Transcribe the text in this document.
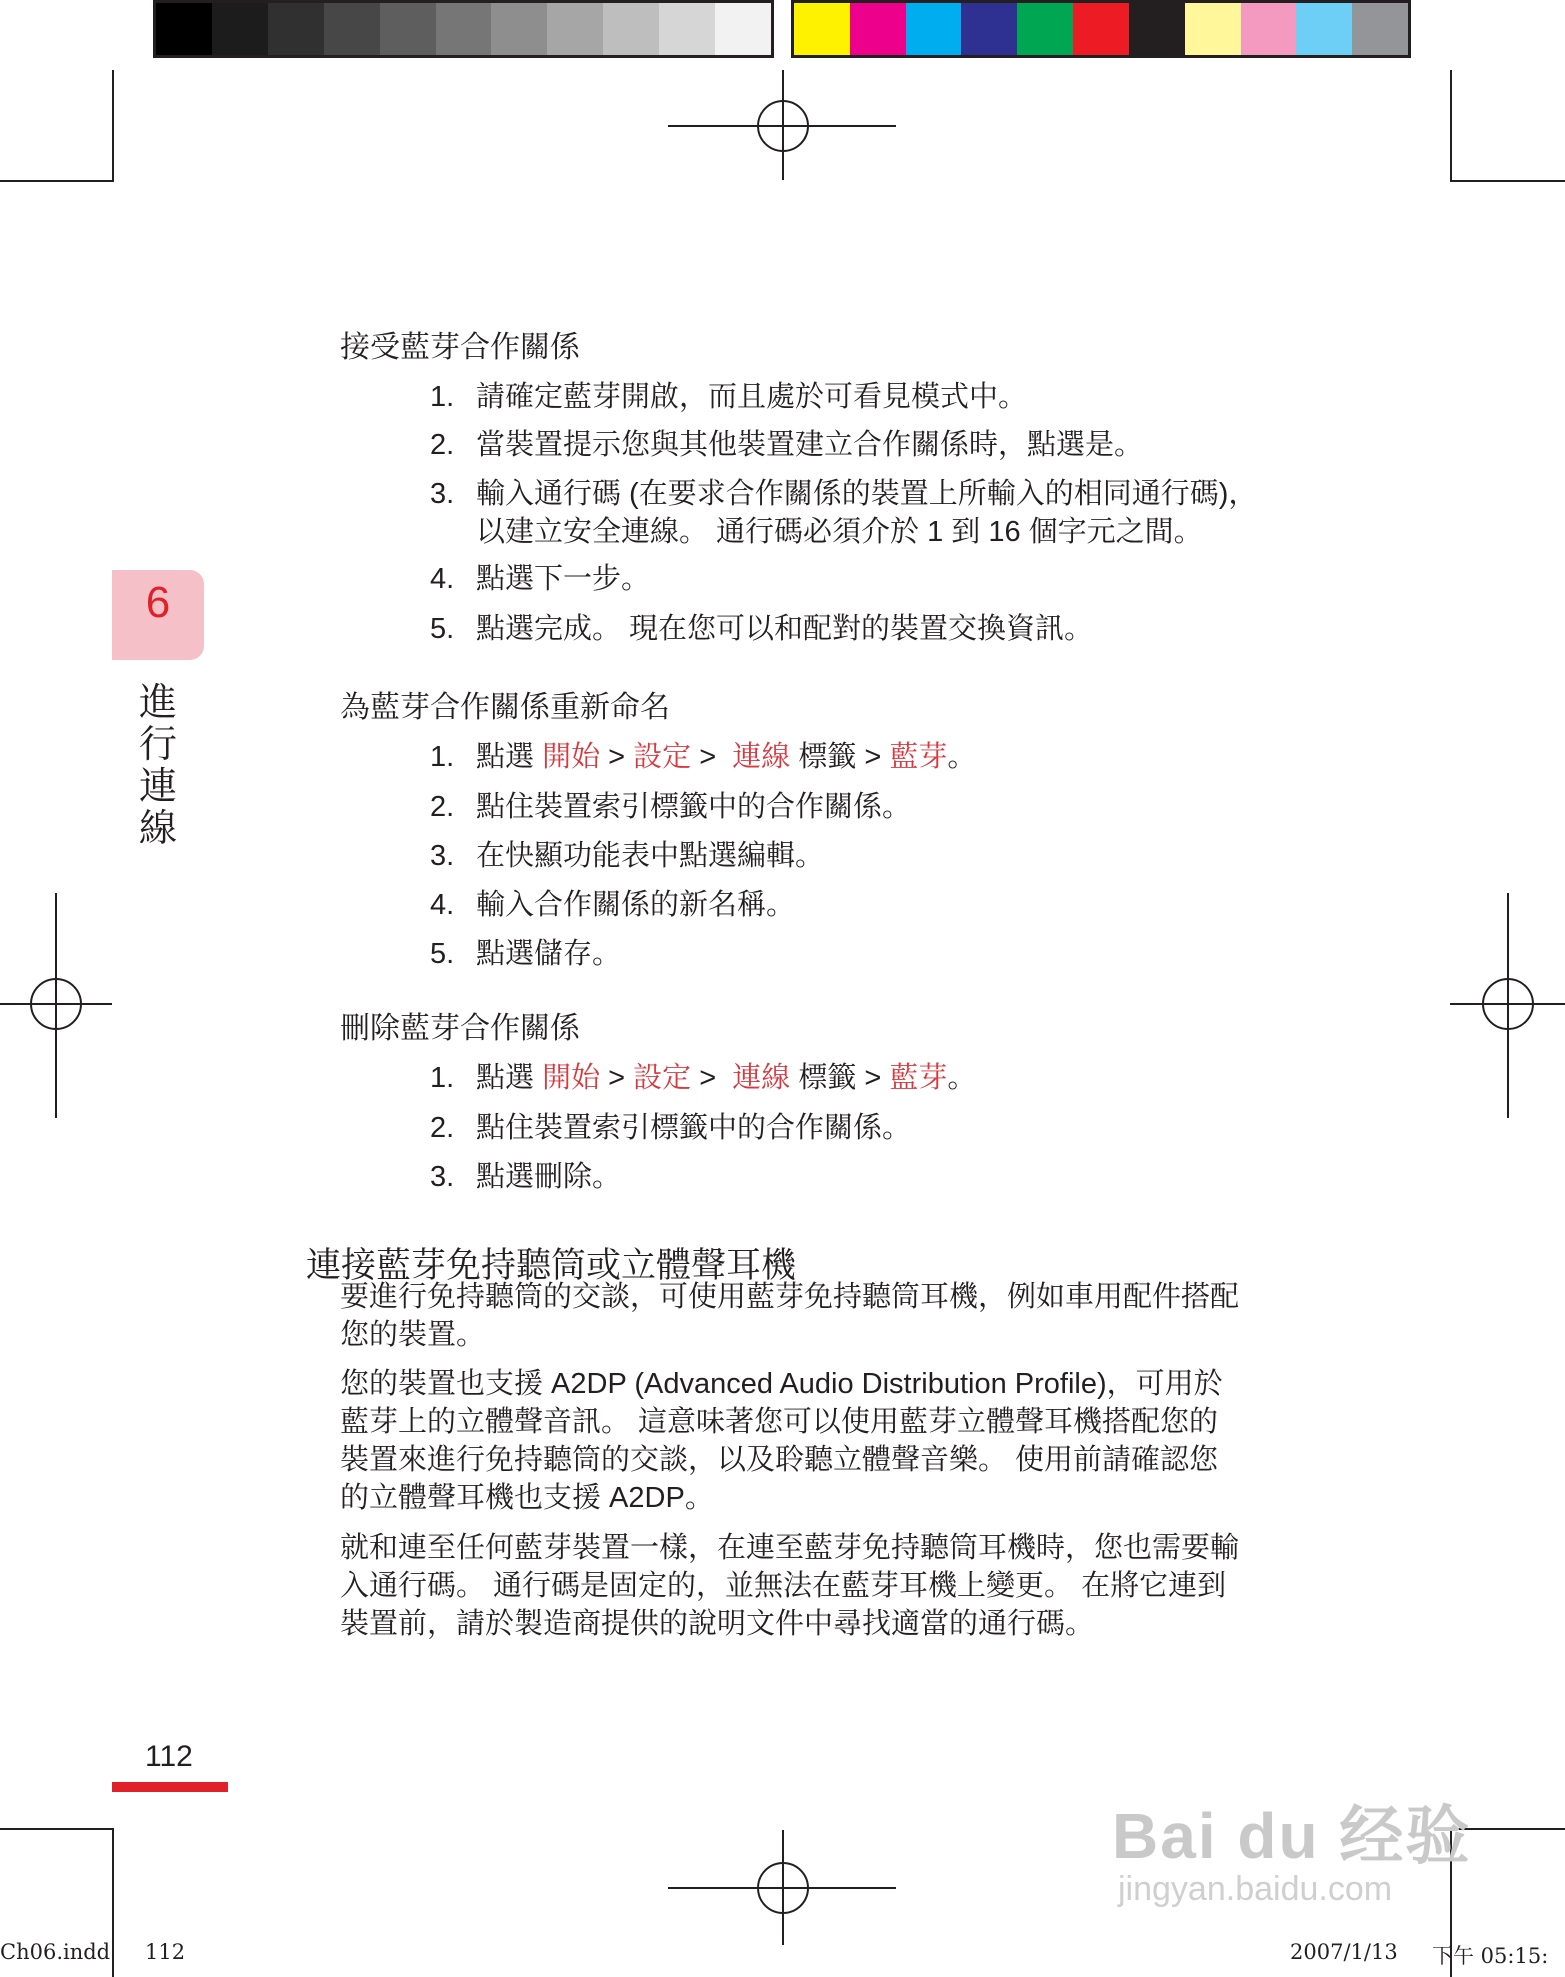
6
進
行
連
線
接受藍芽合作關係
1. 請確定藍芽開啟，而且處於可看見模式中。
2. 當裝置提示您與其他裝置建立合作關係時，點選是。
3. 輸入通行碼 (在要求合作關係的裝置上所輸入的相同通行碼)，
以建立安全連線。 通行碼必須介於 1 到 16 個字元之間。
4. 點選下一步。
5. 點選完成。 現在您可以和配對的裝置交換資訊。
為藍芽合作關係重新命名
1. 點選 開始 > 設定 >  連線 標籤 > 藍芽。
2. 點住裝置索引標籤中的合作關係。
3. 在快顯功能表中點選編輯。
4. 輸入合作關係的新名稱。
5. 點選儲存。
刪除藍芽合作關係
1. 點選 開始 > 設定 >  連線 標籤 > 藍芽。
2. 點住裝置索引標籤中的合作關係。
3. 點選刪除。
連接藍芽免持聽筒或立體聲耳機
要進行免持聽筒的交談，可使用藍芽免持聽筒耳機，例如車用配件搭配
您的裝置。
您的裝置也支援 A2DP (Advanced Audio Distribution Profile)，可用於
藍芽上的立體聲音訊。 這意味著您可以使用藍芽立體聲耳機搭配您的
裝置來進行免持聽筒的交談，以及聆聽立體聲音樂。 使用前請確認您
的立體聲耳機也支援 A2DP。
就和連至任何藍芽裝置一樣，在連至藍芽免持聽筒耳機時，您也需要輸
入通行碼。 通行碼是固定的，並無法在藍芽耳機上變更。 在將它連到
裝置前，請於製造商提供的說明文件中尋找適當的通行碼。
112
Ch06.indd 112	2007/1/13 下午 05:15:
Bai du 经验
jingyan.baidu.com
